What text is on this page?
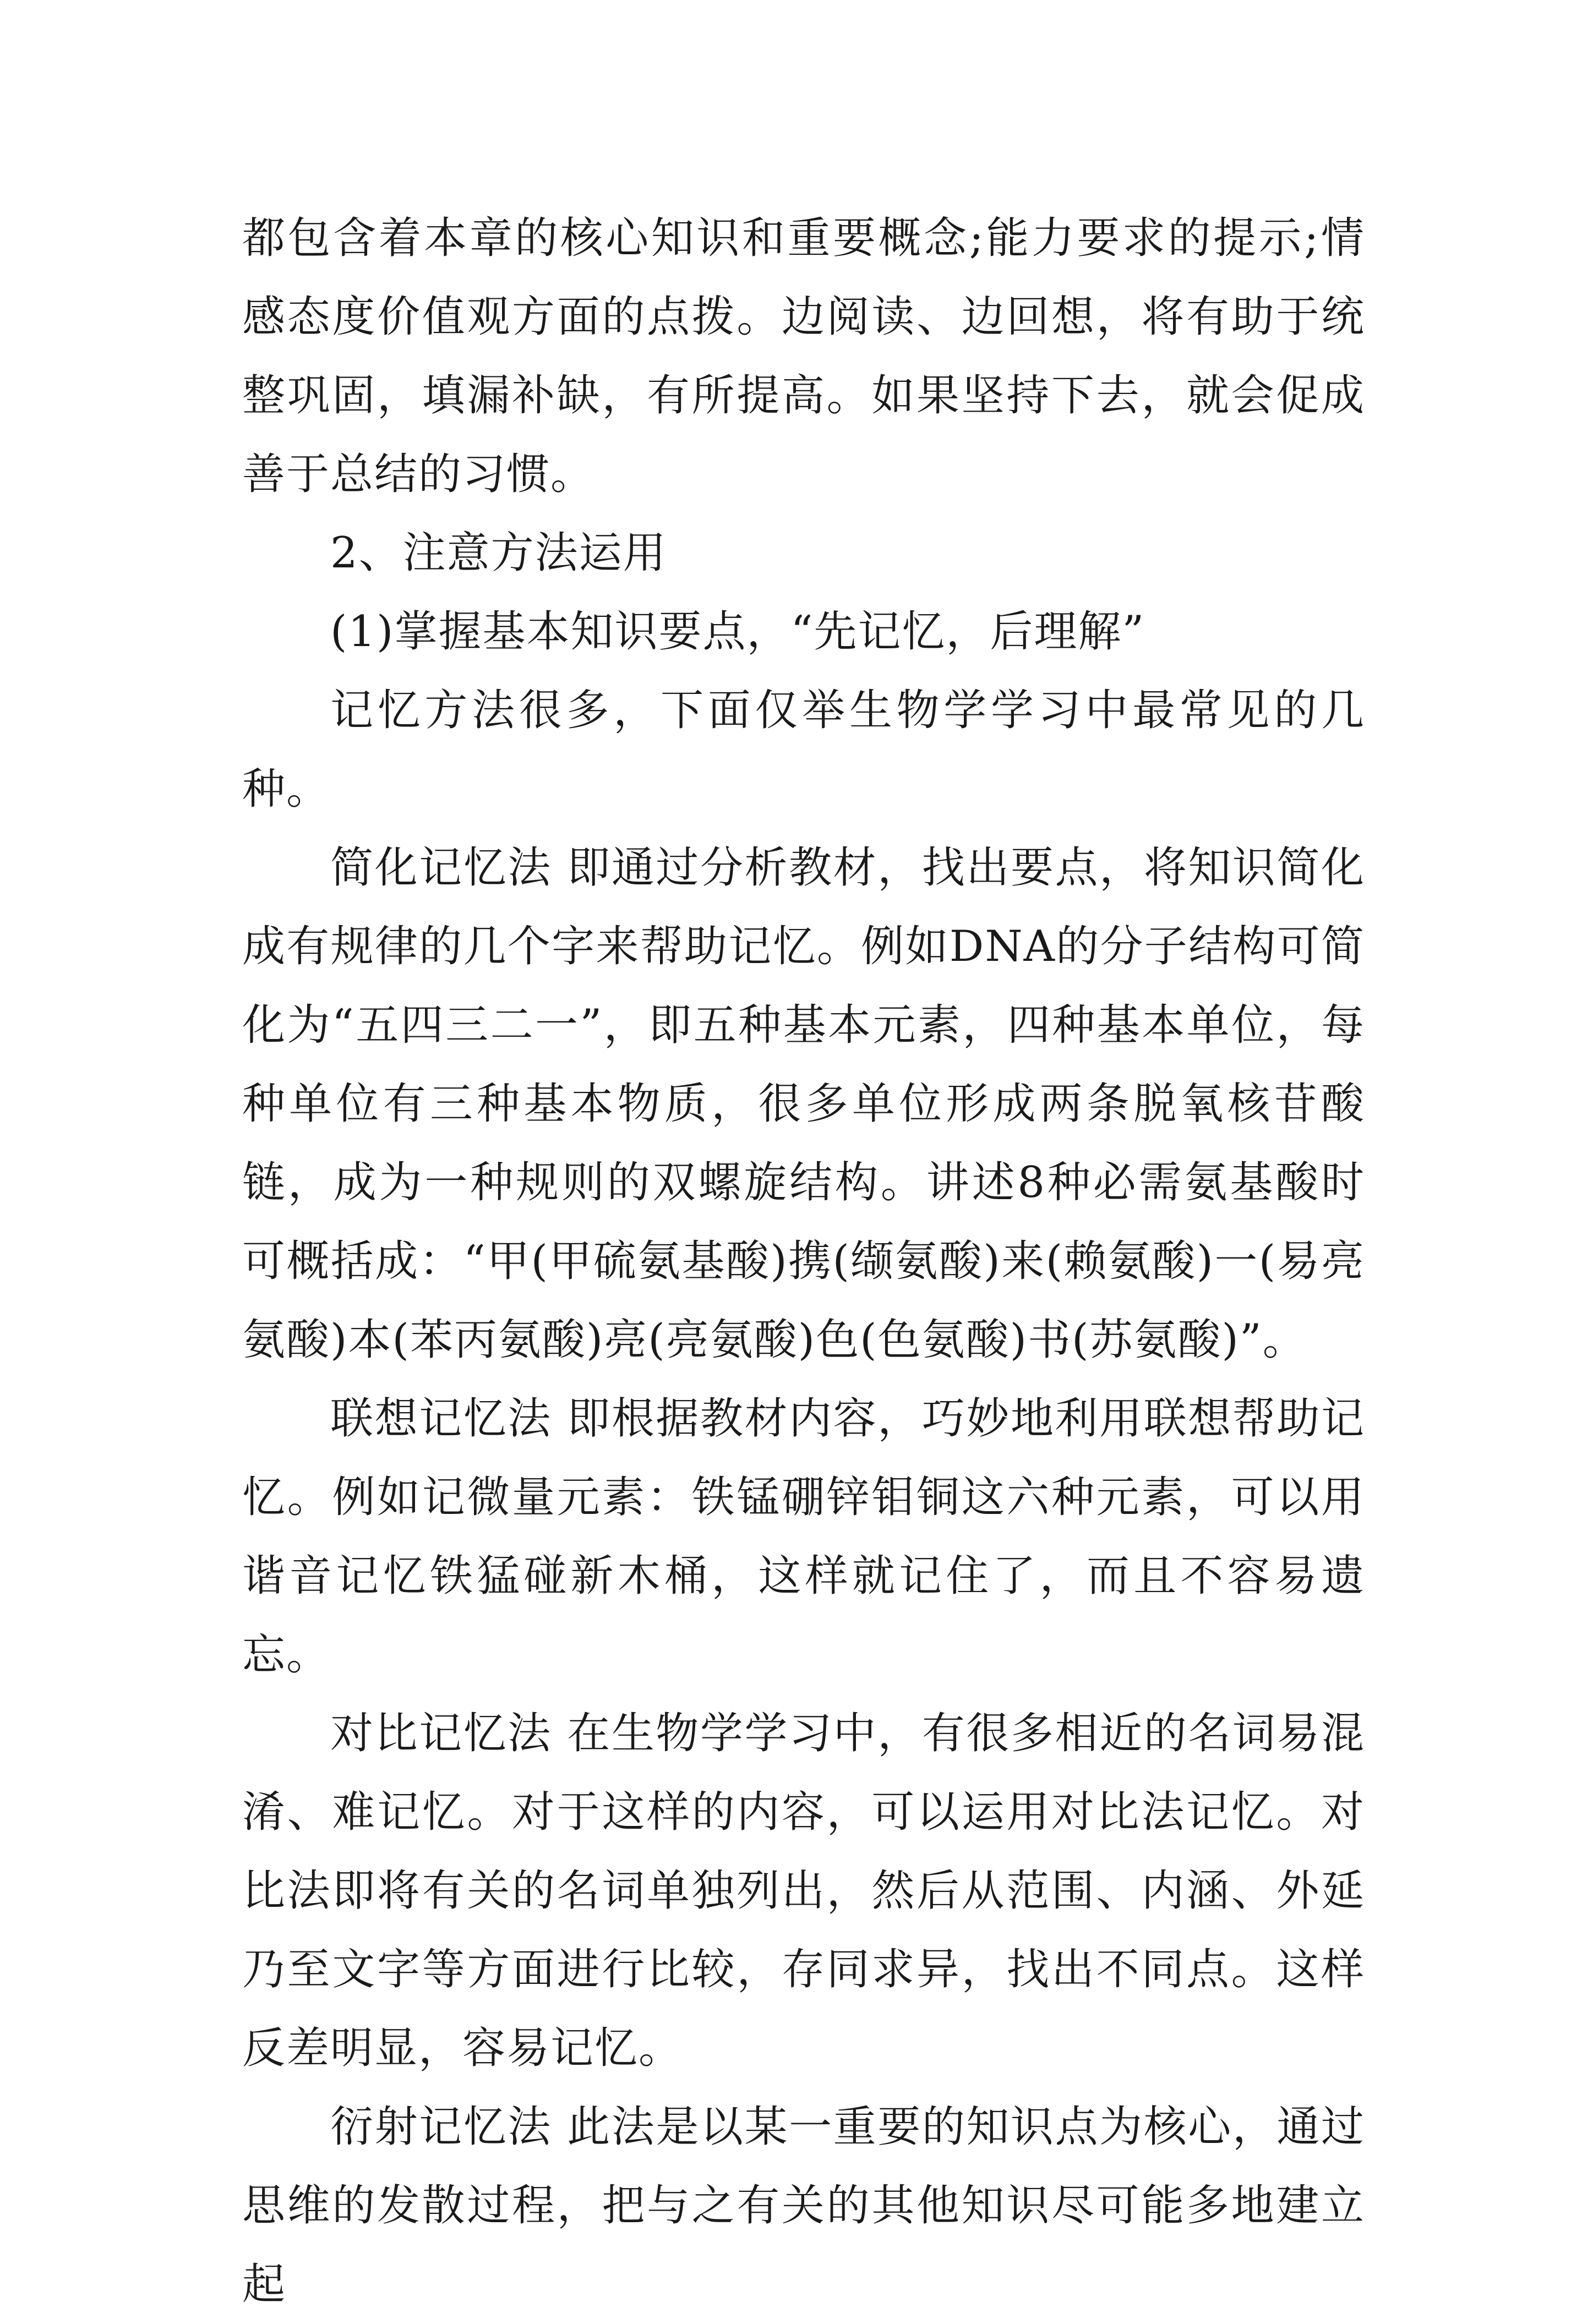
都包含着本章的核心知识和重要概念;能力要求的提示;情感态度价值观方面的点拨。边阅读、边回想，将有助于统整巩固，填漏补缺，有所提高。如果坚持下去，就会促成善于总结的习惯。

2、注意方法运用

(1)掌握基本知识要点，“先记忆，后理解”

记忆方法很多，下面仅举生物学学习中最常见的几种。

简化记忆法 即通过分析教材，找出要点，将知识简化成有规律的几个字来帮助记忆。例如DNA的分子结构可简化为“五四三二一”，即五种基本元素，四种基本单位，每种单位有三种基本物质，很多单位形成两条脱氧核苷酸链，成为一种规则的双螺旋结构。讲述8种必需氨基酸时可概括成：“甲(甲硫氨基酸)携(缬氨酸)来(赖氨酸)一(易亮氨酸)本(苯丙氨酸)亮(亮氨酸)色(色氨酸)书(苏氨酸)”。

联想记忆法 即根据教材内容，巧妙地利用联想帮助记忆。例如记微量元素：铁锰硼锌钼铜这六种元素，可以用谐音记忆铁猛碰新木桶，这样就记住了，而且不容易遗忘。

对比记忆法 在生物学学习中，有很多相近的名词易混淆、难记忆。对于这样的内容，可以运用对比法记忆。对比法即将有关的名词单独列出，然后从范围、内涵、外延乃至文字等方面进行比较，存同求异，找出不同点。这样反差明显，容易记忆。

衍射记忆法 此法是以某一重要的知识点为核心，通过思维的发散过程，把与之有关的其他知识尽可能多地建立起
